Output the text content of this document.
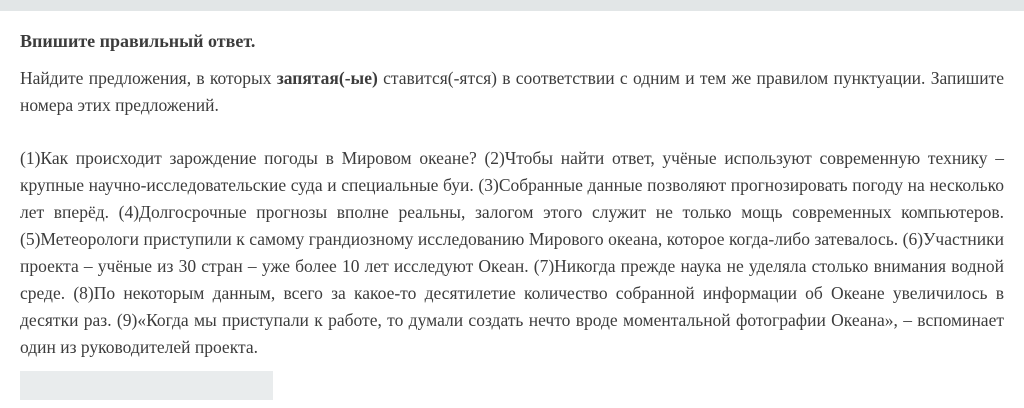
Впишите правильный ответ.

Найдите предложения, в которых запятая(-ые) ставится(-ятся) в соответствии с одним и тем же правилом пунктуации. Запишите номера этих предложений.

(1)Как происходит зарождение погоды в Мировом океане? (2)Чтобы найти ответ, учёные используют современную технику – крупные научно-исследовательские суда и специальные буи. (3)Собранные данные позволяют прогнозировать погоду на несколько лет вперёд. (4)Долгосрочные прогнозы вполне реальны, залогом этого служит не только мощь современных компьютеров. (5)Метеорологи приступили к самому грандиозному исследованию Мирового океана, которое когда-либо затевалось. (6)Участники проекта – учёные из 30 стран – уже более 10 лет исследуют Океан. (7)Никогда прежде наука не уделяла столько внимания водной среде. (8)По некоторым данным, всего за какое-то десятилетие количество собранной информации об Океане увеличилось в десятки раз. (9)«Когда мы приступали к работе, то думали создать нечто вроде моментальной фотографии Океана», – вспоминает один из руководителей проекта.
